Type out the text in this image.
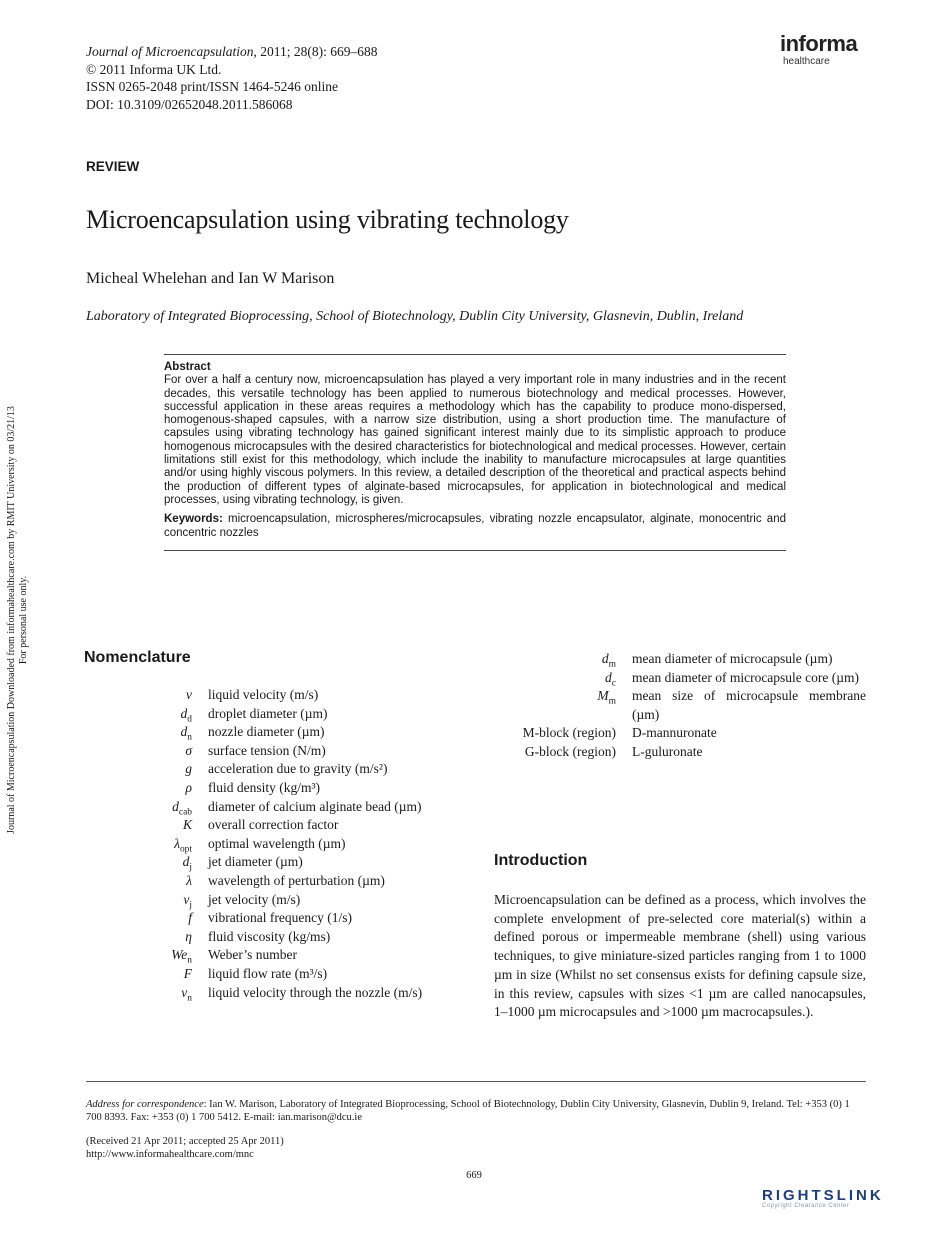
Journal of Microencapsulation, 2011; 28(8): 669–688
© 2011 Informa UK Ltd.
ISSN 0265-2048 print/ISSN 1464-5246 online
DOI: 10.3109/02652048.2011.586068
informa
healthcare
REVIEW
Microencapsulation using vibrating technology
Micheal Whelehan and Ian W Marison
Laboratory of Integrated Bioprocessing, School of Biotechnology, Dublin City University, Glasnevin, Dublin, Ireland
Journal of Microencapsulation Downloaded from informahealthcare.com by RMIT University on 03/21/13 For personal use only.
Abstract

For over a half a century now, microencapsulation has played a very important role in many industries and in the recent decades, this versatile technology has been applied to numerous biotechnology and medical processes. However, successful application in these areas requires a methodology which has the capability to produce mono-dispersed, homogenous-shaped capsules, with a narrow size distribution, using a short production time. The manufacture of capsules using vibrating technology has gained significant interest mainly due to its simplistic approach to produce homogenous microcapsules with the desired characteristics for biotechnological and medical processes. However, certain limitations still exist for this methodology, which include the inability to manufacture microcapsules at large quantities and/or using highly viscous polymers. In this review, a detailed description of the theoretical and practical aspects behind the production of different types of alginate-based microcapsules, for application in biotechnological and medical processes, using vibrating technology, is given.

Keywords: microencapsulation, microspheres/microcapsules, vibrating nozzle encapsulator, alginate, monocentric and concentric nozzles

Nomenclature
v	liquid velocity (m/s)
$d_d$	droplet diameter (µm)
$d_n$	nozzle diameter (µm)
σ	surface tension (N/m)
g	acceleration due to gravity (m/s²)
ρ	fluid density (kg/m³)
$d_{cab}$	diameter of calcium alginate bead (µm)
K	overall correction factor
$\lambda_{opt}$	optimal wavelength (µm)
$d_j$	jet diameter (µm)
λ	wavelength of perturbation (µm)
$v_j$	jet velocity (m/s)
f	vibrational frequency (1/s)
η	fluid viscosity (kg/ms)
$We_n$	Weber’s number
F	liquid flow rate (m³/s)
$v_n$	liquid velocity through the nozzle (m/s)
$d_m$	mean diameter of microcapsule (µm)
$d_c$	mean diameter of microcapsule core (µm)
$M_m$	mean size of microcapsule membrane (µm)
M-block (region)	D-mannuronate
G-block (region)	L-guluronate
Introduction
Microencapsulation can be defined as a process, which involves the complete envelopment of pre-selected core material(s) within a defined porous or impermeable membrane (shell) using various techniques, to give miniature-sized particles ranging from 1 to 1000 µm in size (Whilst no set consensus exists for defining capsule size, in this review, capsules with sizes <1 µm are called nanocapsules, 1–1000 µm microcapsules and >1000 µm macrocapsules.).
Address for correspondence: Ian W. Marison, Laboratory of Integrated Bioprocessing, School of Biotechnology, Dublin City University, Glasnevin, Dublin 9, Ireland. Tel: +353 (0) 1 700 8393. Fax: +353 (0) 1 700 5412. E-mail: ian.marison@dcu.ie
(Received 21 Apr 2011; accepted 25 Apr 2011)
http://www.informahealthcare.com/mnc
669
RIGHTSLINK
Copyright Clearance Center
